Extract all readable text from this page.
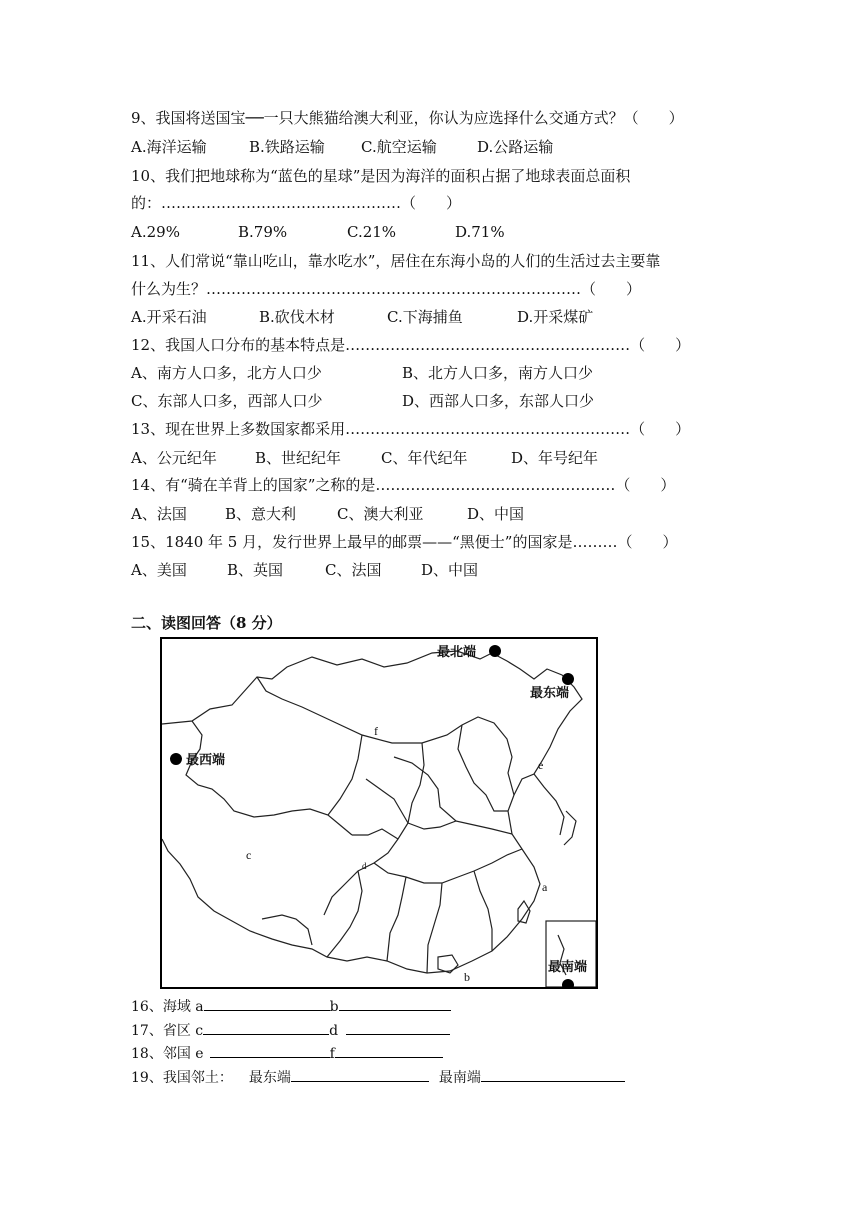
9、我国将送国宝──一只大熊猫给澳大利亚，你认为应选择什么交通方式？（　　）
A.海洋运输	B.铁路运输 C.航空运输	D.公路运输
10、我们把地球称为“蓝色的星球”是因为海洋的面积占据了地球表面总面积
的：…………………………………………（　　）
A.29%	B.79%	C.21%	D.71%
11、人们常说“靠山吃山，靠水吃水”，居住在东海小岛的人们的生活过去主要靠
什么为生？…………………………………………………………………（　　）
A.开采石油	B.砍伐木材	C.下海捕鱼	D.开采煤矿
12、我国人口分布的基本特点是…………………………………………………（　　）
A、南方人口多，北方人口少	B、北方人口多，南方人口少
C、东部人口多，西部人口少	D、西部人口多，东部人口少
13、现在世界上多数国家都采用…………………………………………………（　　）
A、公元纪年	B、世纪纪年	C、年代纪年	D、年号纪年
14、有“骑在羊背上的国家”之称的是…………………………………………（　　）
A、法国	B、意大利	C、澳大利亚	D、中国
15、1840 年 5 月，发行世界上最早的邮票——“黑便士”的国家是………（　　）
A、美国	B、英国	C、法国	D、中国
二、读图回答（8 分）
最北端
最东端
最西端
最南端
a
b
c
d
e
f
16、海域 a	b
17、省区 c	d
18、邻国 e	f
19、我国邻土： 最东端	最南端
